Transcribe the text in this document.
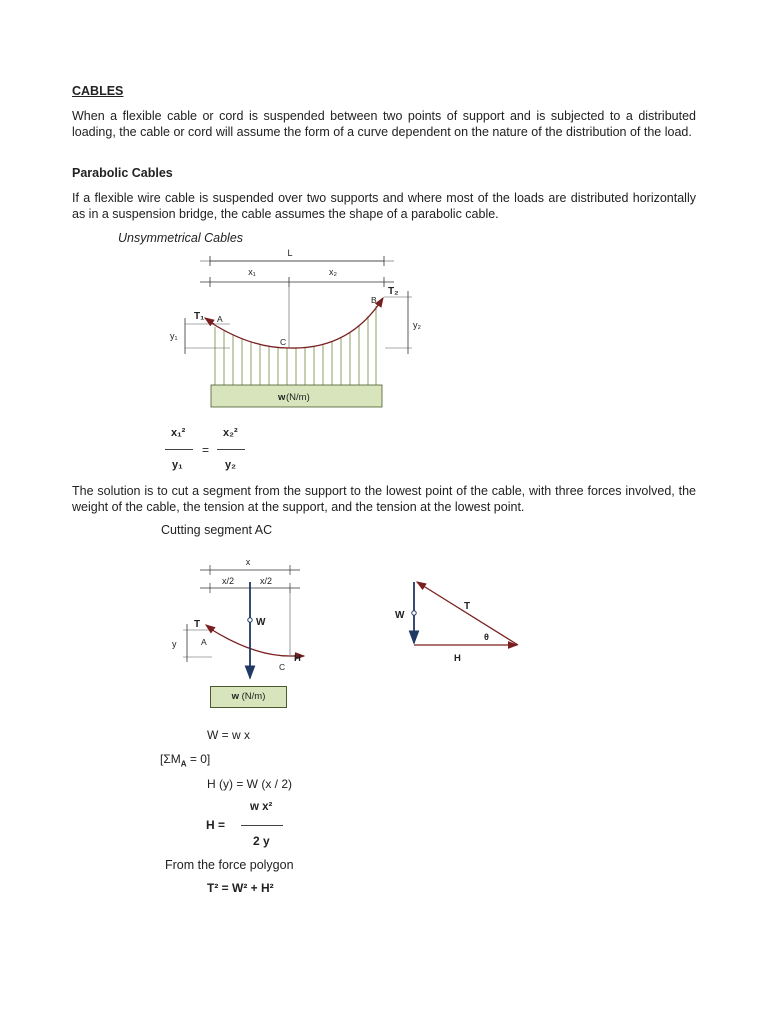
CABLES
When a flexible cable or cord is suspended between two points of support and is subjected to a distributed loading, the cable or cord will assume the form of a curve dependent on the nature of the distribution of the load.
Parabolic Cables
If a flexible wire cable is suspended over two supports and where most of the loads are distributed horizontally as in a suspension bridge, the cable assumes the shape of a parabolic cable.
Unsymmetrical Cables
L
x₁	x₂
T₁ A
B
T₂
C
y₁
y₂
w (N/m)
x₁²
y₁
=
x₂²
y₂
The solution is to cut a segment from the support to the lowest point of the cable, with three forces involved, the weight of the cable, the tension at the support, and the tension at the lowest point.
Cutting segment AC
x
x/2	x/2
T	W
A
y
H
C
w (N/m)
W
T
θ
H
W = w x
$[\Sigma M_A = 0]$
H (y) = W (x / 2)
H =
w x²
2 y
From the force polygon
T² = W² + H²
